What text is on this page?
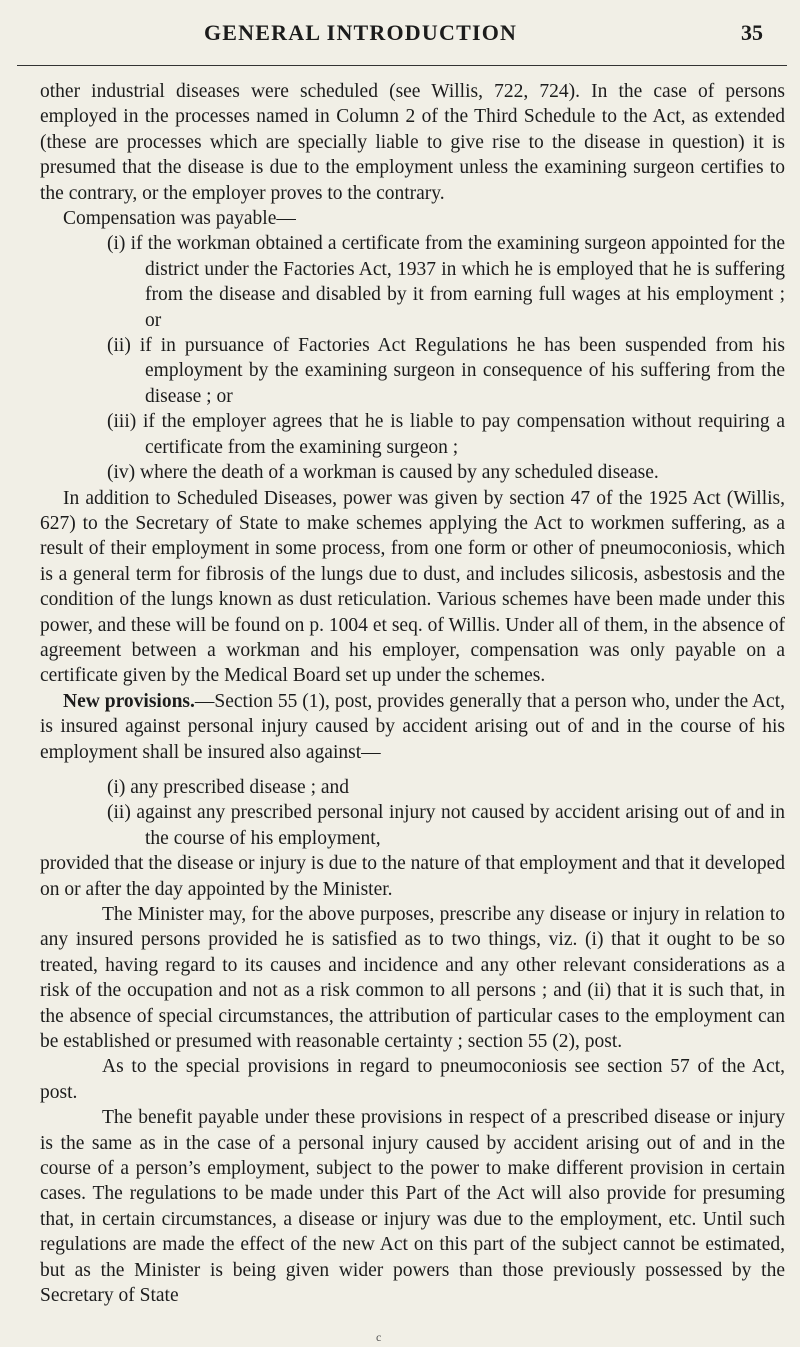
GENERAL INTRODUCTION	35

other industrial diseases were scheduled (see Willis, 722, 724). In the case of persons employed in the processes named in Column 2 of the Third Schedule to the Act, as extended (these are processes which are specially liable to give rise to the disease in question) it is presumed that the disease is due to the employment unless the examining surgeon certifies to the contrary, or the employer proves to the contrary.

Compensation was payable—

(i) if the workman obtained a certificate from the examining surgeon appointed for the district under the Factories Act, 1937 in which he is employed that he is suffering from the disease and disabled by it from earning full wages at his employment ; or

(ii) if in pursuance of Factories Act Regulations he has been suspended from his employment by the examining surgeon in consequence of his suffering from the disease ; or

(iii) if the employer agrees that he is liable to pay compensation without requiring a certificate from the examining surgeon ;

(iv) where the death of a workman is caused by any scheduled disease.

In addition to Scheduled Diseases, power was given by section 47 of the 1925 Act (Willis, 627) to the Secretary of State to make schemes applying the Act to workmen suffering, as a result of their employment in some process, from one form or other of pneumoconiosis, which is a general term for fibrosis of the lungs due to dust, and includes silicosis, asbestosis and the condition of the lungs known as dust reticulation. Various schemes have been made under this power, and these will be found on p. 1004 et seq. of Willis. Under all of them, in the absence of agreement between a workman and his employer, compensation was only payable on a certificate given by the Medical Board set up under the schemes.

New provisions.—Section 55 (1), post, provides generally that a person who, under the Act, is insured against personal injury caused by accident arising out of and in the course of his employment shall be insured also against—

(i) any prescribed disease ; and

(ii) against any prescribed personal injury not caused by accident arising out of and in the course of his employment,

provided that the disease or injury is due to the nature of that employment and that it developed on or after the day appointed by the Minister.

The Minister may, for the above purposes, prescribe any disease or injury in relation to any insured persons provided he is satisfied as to two things, viz. (i) that it ought to be so treated, having regard to its causes and incidence and any other relevant considerations as a risk of the occupation and not as a risk common to all persons ; and (ii) that it is such that, in the absence of special circumstances, the attribution of particular cases to the employment can be established or presumed with reasonable certainty ; section 55 (2), post.

As to the special provisions in regard to pneumoconiosis see section 57 of the Act, post.

The benefit payable under these provisions in respect of a prescribed disease or injury is the same as in the case of a personal injury caused by accident arising out of and in the course of a person’s employment, subject to the power to make different provision in certain cases. The regulations to be made under this Part of the Act will also provide for presuming that, in certain circumstances, a disease or injury was due to the employment, etc. Until such regulations are made the effect of the new Act on this part of the subject cannot be estimated, but as the Minister is being given wider powers than those previously possessed by the Secretary of State

c
